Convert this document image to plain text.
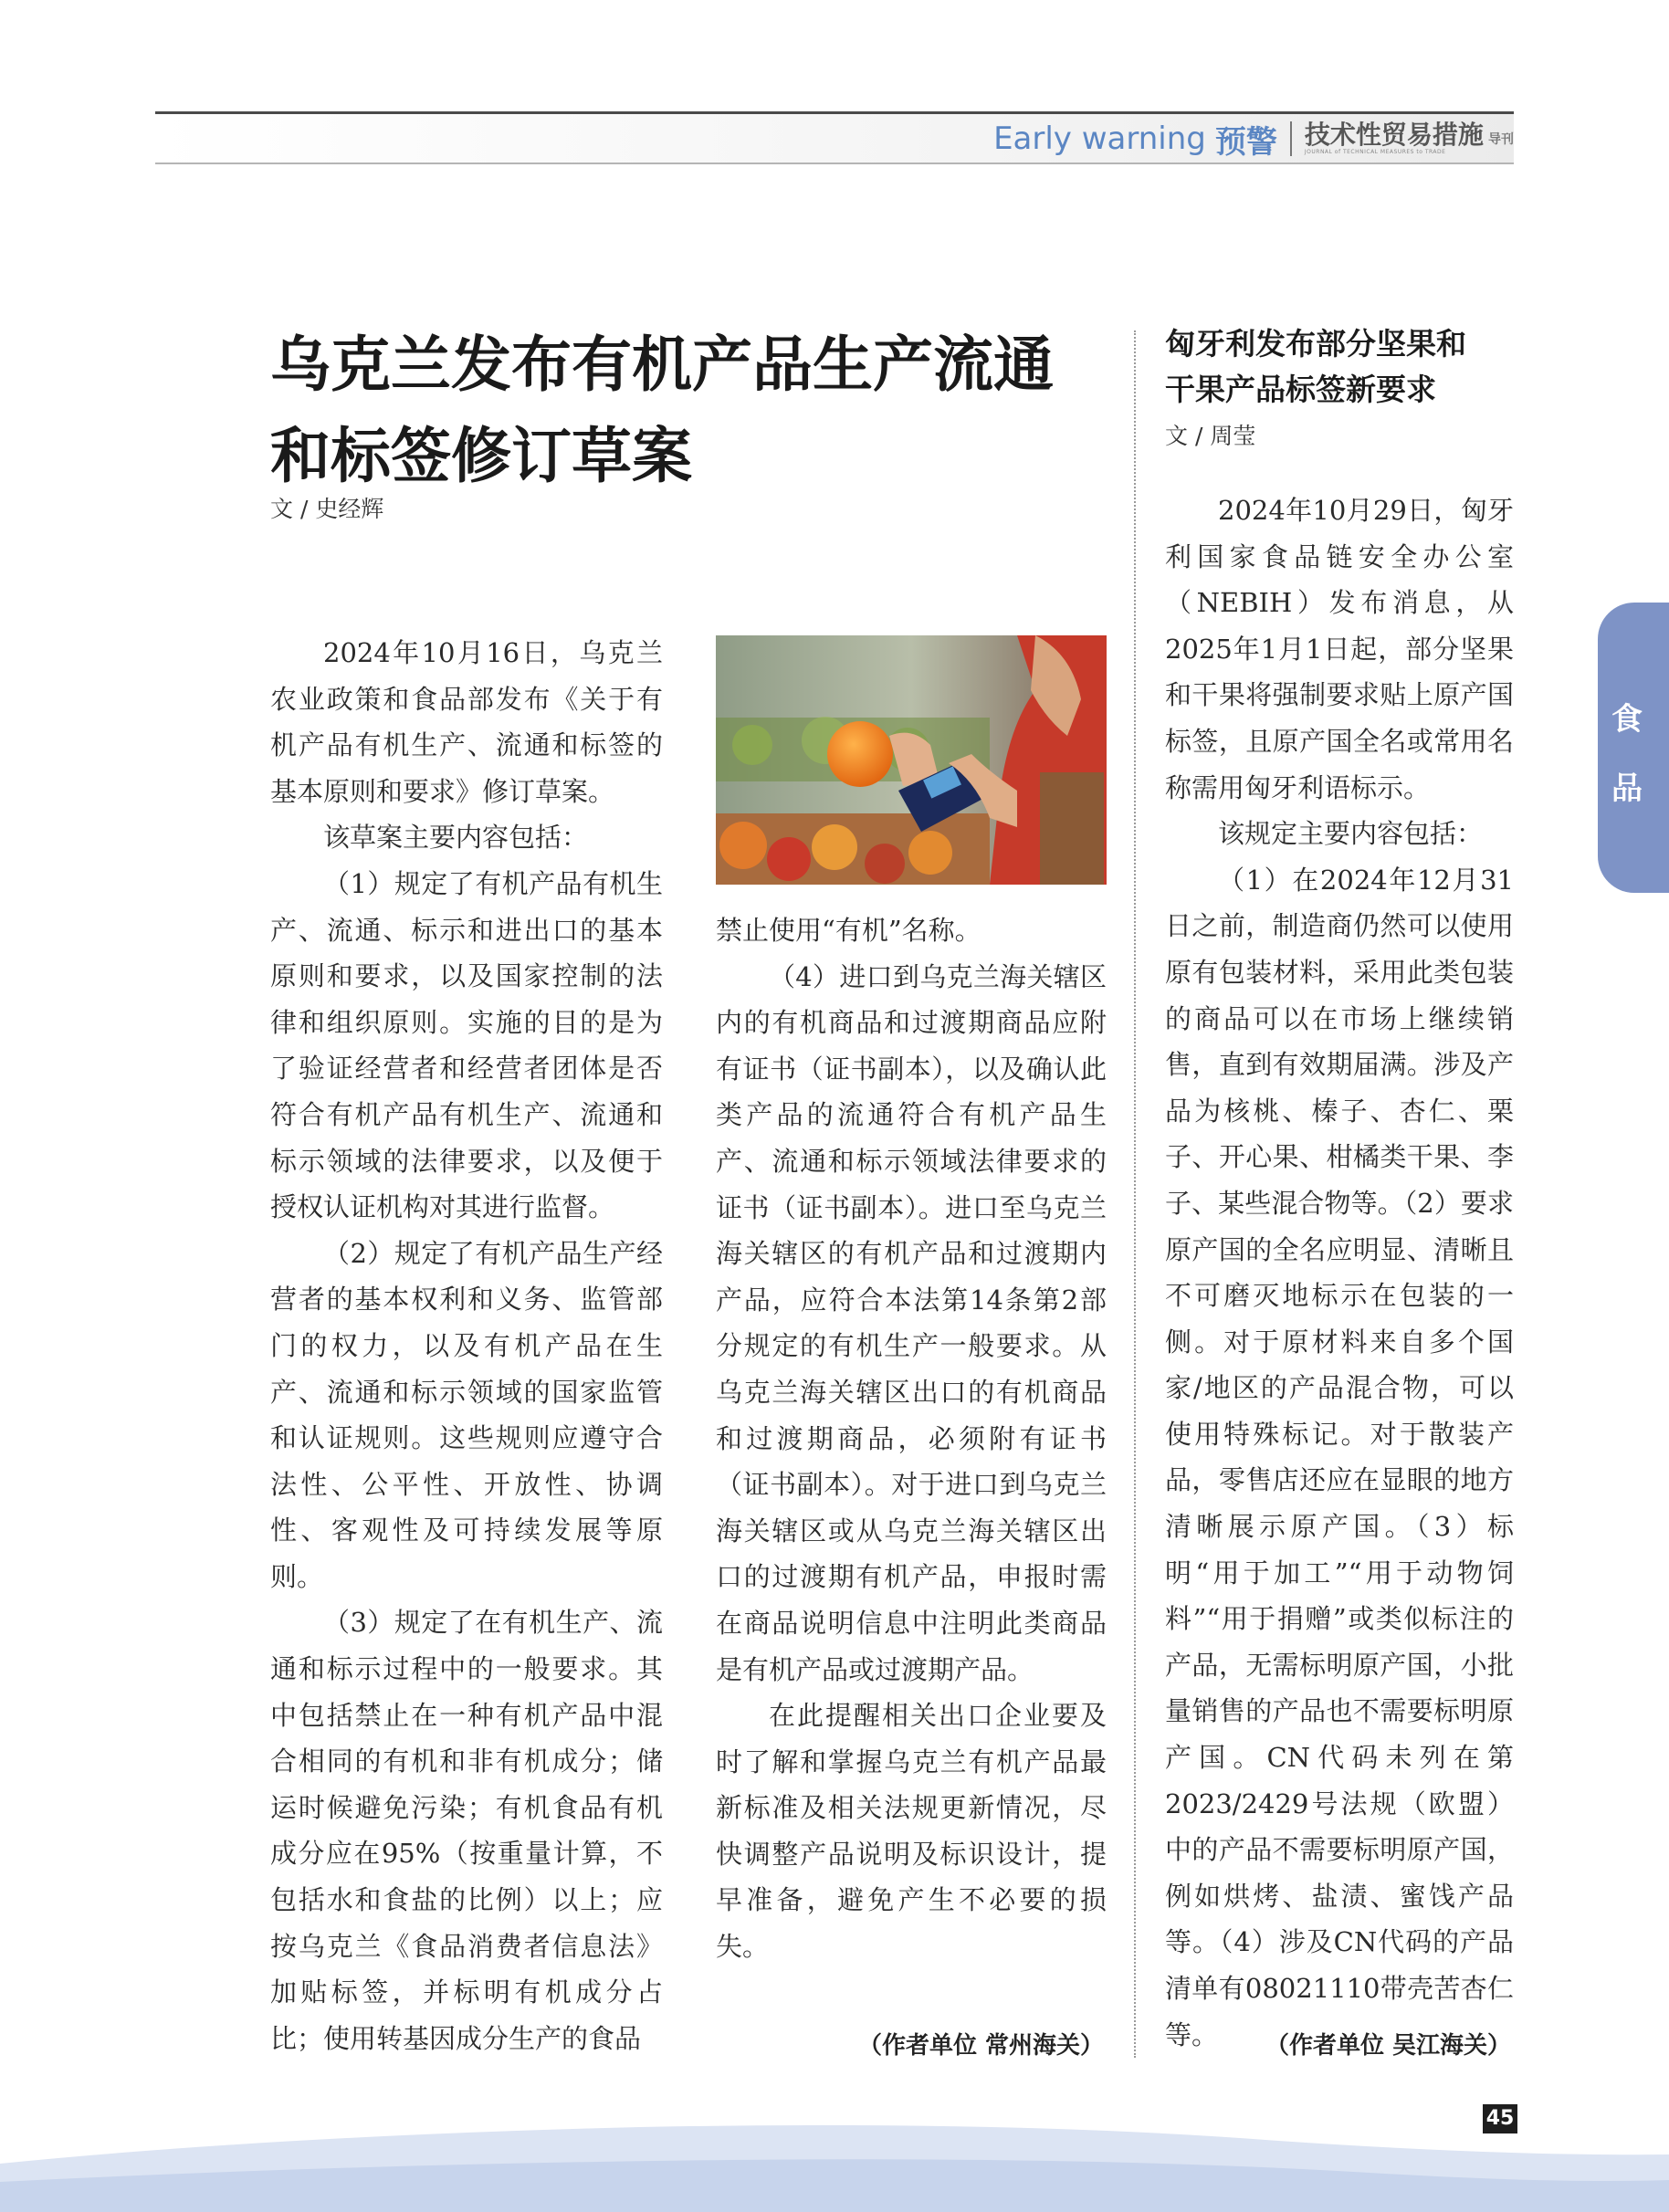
Early warning 预警 技术性贸易措施 导刊
JOURNAL of TECHNICAL MEASURES to TRADE
乌克兰发布有机产品生产流通
和标签修订草案
文 / 史经辉

2024年10月16日，乌克兰农业政策和食品部发布《关于有机产品有机生产、流通和标签的基本原则和要求》修订草案。

该草案主要内容包括：

（1）规定了有机产品有机生产、流通、标示和进出口的基本原则和要求，以及国家控制的法律和组织原则。实施的目的是为了验证经营者和经营者团体是否符合有机产品有机生产、流通和标示领域的法律要求，以及便于授权认证机构对其进行监督。

（2）规定了有机产品生产经营者的基本权利和义务、监管部门的权力，以及有机产品在生产、流通和标示领域的国家监管和认证规则。这些规则应遵守合法性、公平性、开放性、协调性、客观性及可持续发展等原则。

（3）规定了在有机生产、流通和标示过程中的一般要求。其中包括禁止在一种有机产品中混合相同的有机和非有机成分；储运时候避免污染；有机食品有机成分应在95%（按重量计算，不包括水和食盐的比例）以上；应按乌克兰《食品消费者信息法》加贴标签，并标明有机成分占比；使用转基因成分生产的食品

禁止使用“有机”名称。

（4）进口到乌克兰海关辖区内的有机商品和过渡期商品应附有证书（证书副本），以及确认此类产品的流通符合有机产品生产、流通和标示领域法律要求的证书（证书副本）。进口至乌克兰海关辖区的有机产品和过渡期内产品，应符合本法第14条第2部分规定的有机生产一般要求。从乌克兰海关辖区出口的有机商品和过渡期商品，必须附有证书（证书副本）。对于进口到乌克兰海关辖区或从乌克兰海关辖区出口的过渡期有机产品，申报时需在商品说明信息中注明此类商品是有机产品或过渡期产品。

在此提醒相关出口企业要及时了解和掌握乌克兰有机产品最新标准及相关法规更新情况，尽快调整产品说明及标识设计，提早准备，避免产生不必要的损失。

（作者单位 常州海关）
匈牙利发布部分坚果和
干果产品标签新要求
文 / 周莹

2024年10月29日，匈牙利国家食品链安全办公室（NEBIH）发布消息，从2025年1月1日起，部分坚果和干果将强制要求贴上原产国标签，且原产国全名或常用名称需用匈牙利语标示。

该规定主要内容包括：

（1）在2024年12月31日之前，制造商仍然可以使用原有包装材料，采用此类包装的商品可以在市场上继续销售，直到有效期届满。涉及产品为核桃、榛子、杏仁、栗子、开心果、柑橘类干果、李子、某些混合物等。（2）要求原产国的全名应明显、清晰且不可磨灭地标示在包装的一侧。对于原材料来自多个国家/地区的产品混合物，可以使用特殊标记。对于散装产品，零售店还应在显眼的地方清晰展示原产国。（3）标明“用于加工”“用于动物饲料”“用于捐赠”或类似标注的产品，无需标明原产国，小批量销售的产品也不需要标明原产国。CN代码未列在第2023/2429号法规（欧盟）中的产品不需要标明原产国，例如烘烤、盐渍、蜜饯产品等。（4）涉及CN代码的产品清单有08021110带壳苦杏仁等。	（作者单位 吴江海关）
食
品
45
